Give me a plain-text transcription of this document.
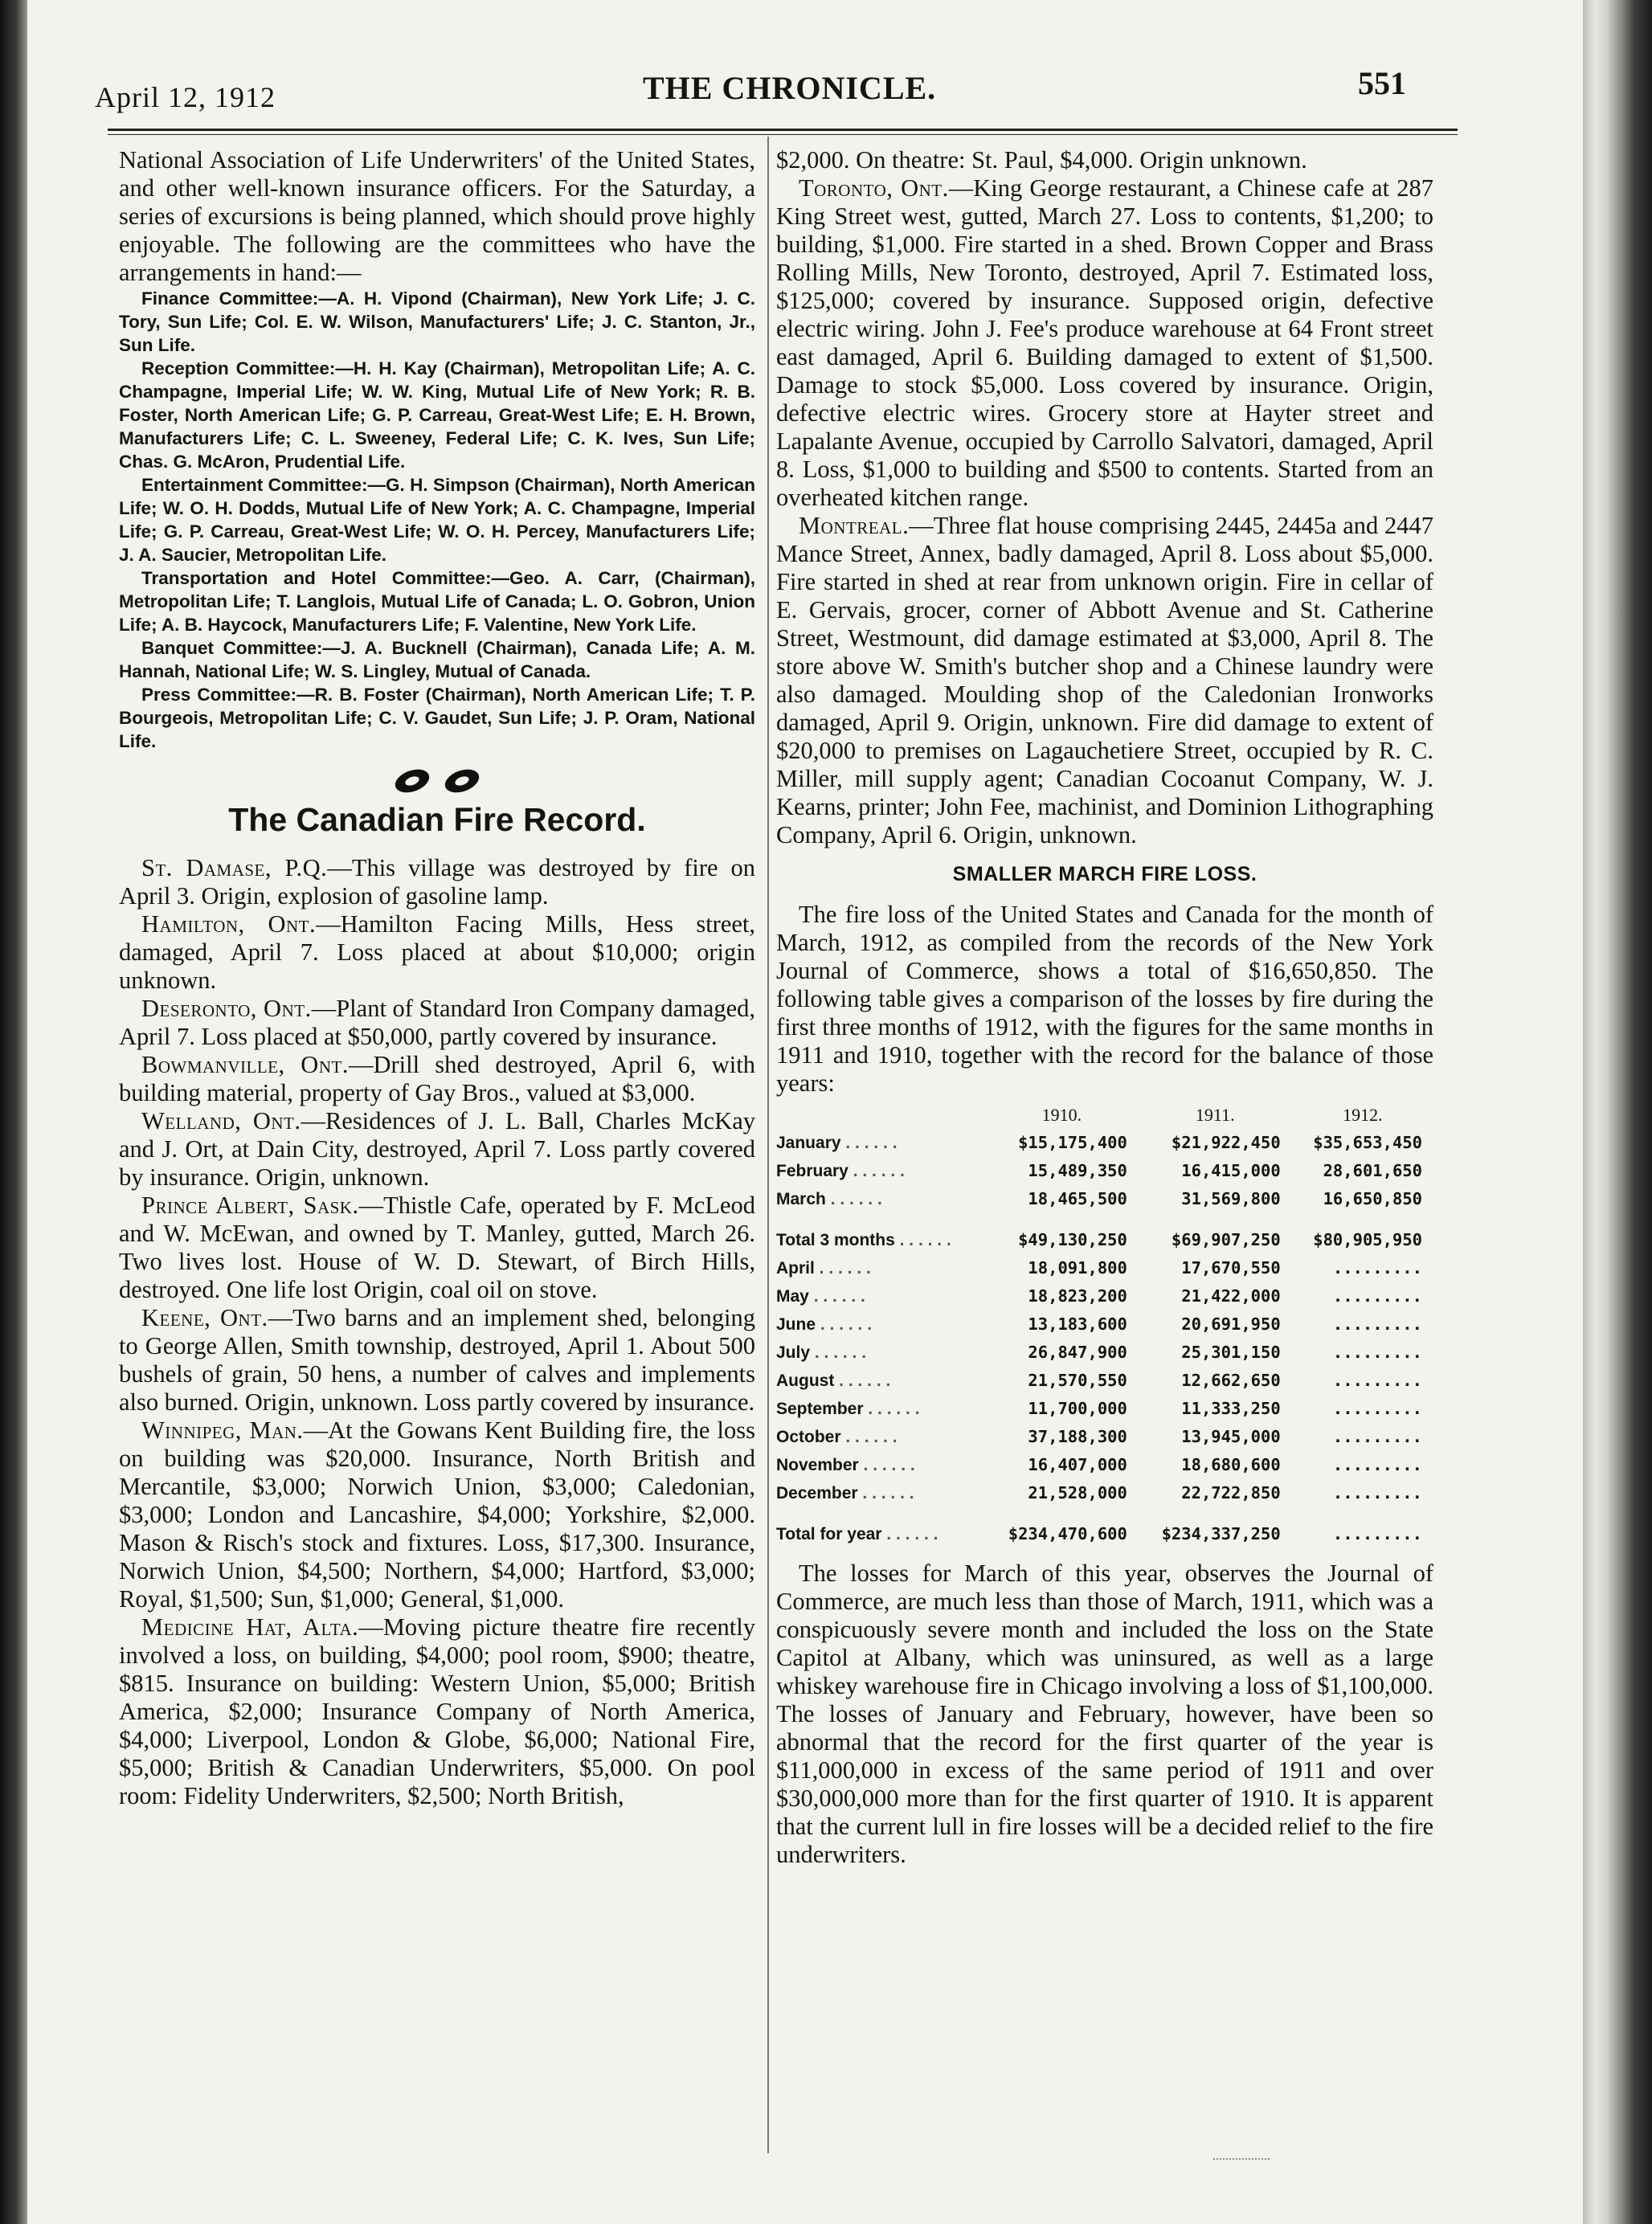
April 12, 1912	THE CHRONICLE.	551

National Association of Life Underwriters' of the United States, and other well-known insurance officers. For the Saturday, a series of excursions is being planned, which should prove highly enjoyable. The following are the committees who have the arrangements in hand:—

Finance Committee:—A. H. Vipond (Chairman), New York Life; J. C. Tory, Sun Life; Col. E. W. Wilson, Manufacturers' Life; J. C. Stanton, Jr., Sun Life.

Reception Committee:—H. H. Kay (Chairman), Metropolitan Life; A. C. Champagne, Imperial Life; W. W. King, Mutual Life of New York; R. B. Foster, North American Life; G. P. Carreau, Great-West Life; E. H. Brown, Manufacturers Life; C. L. Sweeney, Federal Life; C. K. Ives, Sun Life; Chas. G. McAron, Prudential Life.

Entertainment Committee:—G. H. Simpson (Chairman), North American Life; W. O. H. Dodds, Mutual Life of New York; A. C. Champagne, Imperial Life; G. P. Carreau, Great-West Life; W. O. H. Percey, Manufacturers Life; J. A. Saucier, Metropolitan Life.

Transportation and Hotel Committee:—Geo. A. Carr, (Chairman), Metropolitan Life; T. Langlois, Mutual Life of Canada; L. O. Gobron, Union Life; A. B. Haycock, Manufacturers Life; F. Valentine, New York Life.

Banquet Committee:—J. A. Bucknell (Chairman), Canada Life; A. M. Hannah, National Life; W. S. Lingley, Mutual of Canada.

Press Committee:—R. B. Foster (Chairman), North American Life; T. P. Bourgeois, Metropolitan Life; C. V. Gaudet, Sun Life; J. P. Oram, National Life.

The Canadian Fire Record.

St. Damase, P.Q.—This village was destroyed by fire on April 3. Origin, explosion of gasoline lamp.

Hamilton, Ont.—Hamilton Facing Mills, Hess street, damaged, April 7. Loss placed at about $10,000; origin unknown.

Deseronto, Ont.—Plant of Standard Iron Company damaged, April 7. Loss placed at $50,000, partly covered by insurance.

Bowmanville, Ont.—Drill shed destroyed, April 6, with building material, property of Gay Bros., valued at $3,000.

Welland, Ont.—Residences of J. L. Ball, Charles McKay and J. Ort, at Dain City, destroyed, April 7. Loss partly covered by insurance. Origin, unknown.

Prince Albert, Sask.—Thistle Cafe, operated by F. McLeod and W. McEwan, and owned by T. Manley, gutted, March 26. Two lives lost. House of W. D. Stewart, of Birch Hills, destroyed. One life lost Origin, coal oil on stove.

Keene, Ont.—Two barns and an implement shed, belonging to George Allen, Smith township, destroyed, April 1. About 500 bushels of grain, 50 hens, a number of calves and implements also burned. Origin, unknown. Loss partly covered by insurance.

Winnipeg, Man.—At the Gowans Kent Building fire, the loss on building was $20,000. Insurance, North British and Mercantile, $3,000; Norwich Union, $3,000; Caledonian, $3,000; London and Lancashire, $4,000; Yorkshire, $2,000. Mason & Risch's stock and fixtures. Loss, $17,300. Insurance, Norwich Union, $4,500; Northern, $4,000; Hartford, $3,000; Royal, $1,500; Sun, $1,000; General, $1,000.

Medicine Hat, Alta.—Moving picture theatre fire recently involved a loss, on building, $4,000; pool room, $900; theatre, $815. Insurance on building: Western Union, $5,000; British America, $2,000; Insurance Company of North America, $4,000; Liverpool, London & Globe, $6,000; National Fire, $5,000; British & Canadian Underwriters, $5,000. On pool room: Fidelity Underwriters, $2,500; North British,

$2,000. On theatre: St. Paul, $4,000. Origin unknown.

Toronto, Ont.—King George restaurant, a Chinese cafe at 287 King Street west, gutted, March 27. Loss to contents, $1,200; to building, $1,000. Fire started in a shed. Brown Copper and Brass Rolling Mills, New Toronto, destroyed, April 7. Estimated loss, $125,000; covered by insurance. Supposed origin, defective electric wiring. John J. Fee's produce warehouse at 64 Front street east damaged, April 6. Building damaged to extent of $1,500. Damage to stock $5,000. Loss covered by insurance. Origin, defective electric wires. Grocery store at Hayter street and Lapalante Avenue, occupied by Carrollo Salvatori, damaged, April 8. Loss, $1,000 to building and $500 to contents. Started from an overheated kitchen range.

Montreal.—Three flat house comprising 2445, 2445a and 2447 Mance Street, Annex, badly damaged, April 8. Loss about $5,000. Fire started in shed at rear from unknown origin. Fire in cellar of E. Gervais, grocer, corner of Abbott Avenue and St. Catherine Street, Westmount, did damage estimated at $3,000, April 8. The store above W. Smith's butcher shop and a Chinese laundry were also damaged. Moulding shop of the Caledonian Ironworks damaged, April 9. Origin, unknown. Fire did damage to extent of $20,000 to premises on Lagauchetiere Street, occupied by R. C. Miller, mill supply agent; Canadian Cocoanut Company, W. J. Kearns, printer; John Fee, machinist, and Dominion Lithographing Company, April 6. Origin, unknown.

SMALLER MARCH FIRE LOSS.

The fire loss of the United States and Canada for the month of March, 1912, as compiled from the records of the New York Journal of Commerce, shows a total of $16,650,850. The following table gives a comparison of the losses by fire during the first three months of 1912, with the figures for the same months in 1911 and 1910, together with the record for the balance of those years:

	1910.	1911.	1912.
January . . . . . .	$15,175,400	$21,922,450	$35,653,450
February . . . . . .	15,489,350	16,415,000	28,601,650
March . . . . . .	18,465,500	31,569,800	16,650,850

Total 3 months . . . . . .	$49,130,250	$69,907,250	$80,905,950
April . . . . . .	18,091,800	17,670,550	.........
May . . . . . .	18,823,200	21,422,000	.........
June . . . . . .	13,183,600	20,691,950	.........
July . . . . . .	26,847,900	25,301,150	.........
August . . . . . .	21,570,550	12,662,650	.........
September . . . . . .	11,700,000	11,333,250	.........
October . . . . . .	37,188,300	13,945,000	.........
November . . . . . .	16,407,000	18,680,600	.........
December . . . . . .	21,528,000	22,722,850	.........

Total for year . . . . . .	$234,470,600	$234,337,250	.........

The losses for March of this year, observes the Journal of Commerce, are much less than those of March, 1911, which was a conspicuously severe month and included the loss on the State Capitol at Albany, which was uninsured, as well as a large whiskey warehouse fire in Chicago involving a loss of $1,100,000. The losses of January and February, however, have been so abnormal that the record for the first quarter of the year is $11,000,000 in excess of the same period of 1911 and over $30,000,000 more than for the first quarter of 1910. It is apparent that the current lull in fire losses will be a decided relief to the fire underwriters.
